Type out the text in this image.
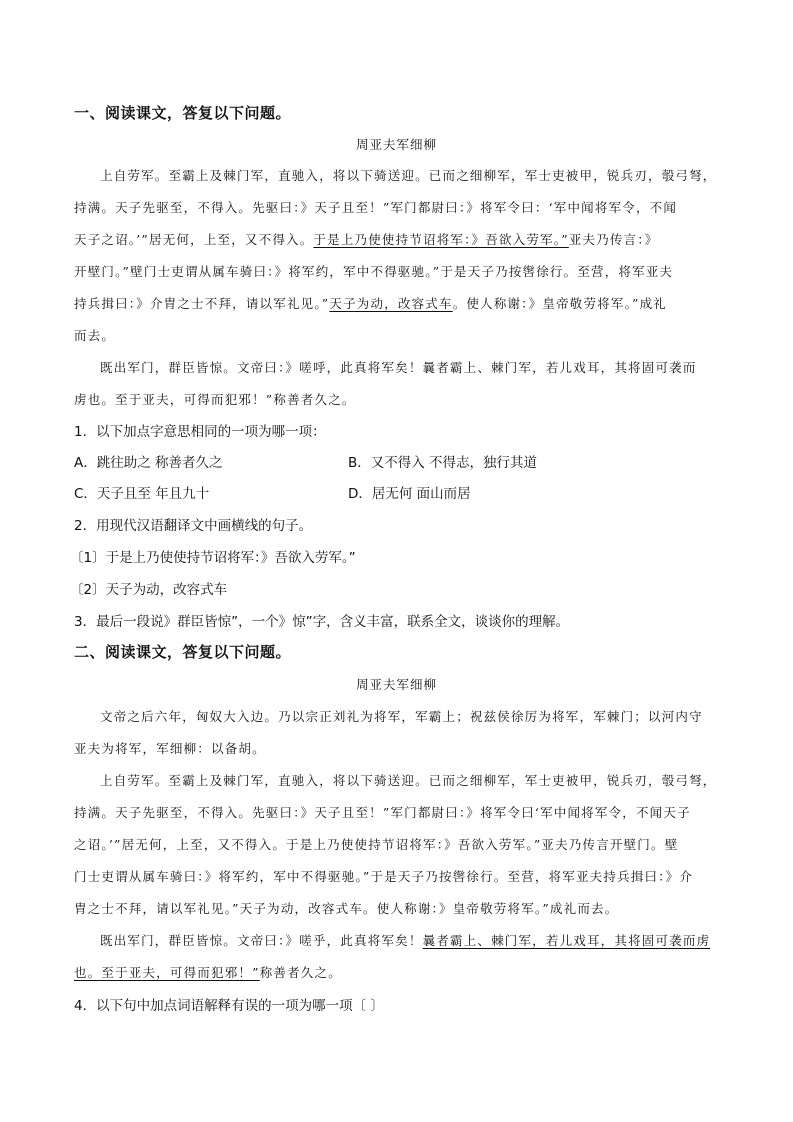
一、阅读课文，答复以下问题。
周亚夫军细柳
上自劳军。至霸上及棘门军，直驰入，将以下骑送迎。已而之细柳军，军士吏被甲，锐兵刃，彀弓弩，
持满。天子先驱至，不得入。先驱曰：》天子且至！”军门都尉曰：》将军令曰：‘军中闻将军令，不闻
天子之诏。’”居无何，上至，又不得入。于是上乃使使持节诏将军：》吾欲入劳军。”亚夫乃传言：》
开壁门。”壁门士吏谓从属车骑曰：》将军约，军中不得驱驰。”于是天子乃按辔徐行。至营，将军亚夫
持兵揖曰：》介胄之士不拜，请以军礼见。”天子为动，改容式车。使人称谢：》皇帝敬劳将军。”成礼
而去。
既出军门，群臣皆惊。文帝曰：》嗟呼，此真将军矣！曩者霸上、棘门军，若儿戏耳，其将固可袭而
虏也。至于亚夫，可得而犯邪！”称善者久之。
1．以下加点字意思相同的一项为哪一项：
A．跳往助之 称善者久之	B．又不得入 不得志，独行其道
C．天子且至 年且九十	D．居无何 面山而居
2．用现代汉语翻译文中画横线的句子。
〔1〕于是上乃使使持节诏将军：》吾欲入劳军。”
〔2〕天子为动，改容式车
3．最后一段说》群臣皆惊”，一个》惊”字，含义丰富，联系全文，谈谈你的理解。
二、阅读课文，答复以下问题。
周亚夫军细柳
文帝之后六年，匈奴大入边。乃以宗正刘礼为将军，军霸上；祝兹侯徐厉为将军，军棘门；以河内守
亚夫为将军，军细柳：以备胡。
上自劳军。至霸上及棘门军，直驰入，将以下骑送迎。已而之细柳军，军士吏被甲，锐兵刃，彀弓弩，
持满。天子先驱至，不得入。先驱曰：》天子且至！”军门都尉曰：》将军令曰‘军中闻将军令，不闻天子
之诏。’”居无何，上至，又不得入。于是上乃使使持节诏将军：》吾欲入劳军。”亚夫乃传言开壁门。壁
门士吏谓从属车骑曰：》将军约，军中不得驱驰。”于是天子乃按辔徐行。至营，将军亚夫持兵揖曰：》介
胄之士不拜，请以军礼见。”天子为动，改容式车。使人称谢：》皇帝敬劳将军。”成礼而去。
既出军门，群臣皆惊。文帝曰：》嗟乎，此真将军矣！曩者霸上、棘门军，若儿戏耳，其将固可袭而虏
也。至于亚夫，可得而犯邪！”称善者久之。
4．以下句中加点词语解释有误的一项为哪一项〔 〕
